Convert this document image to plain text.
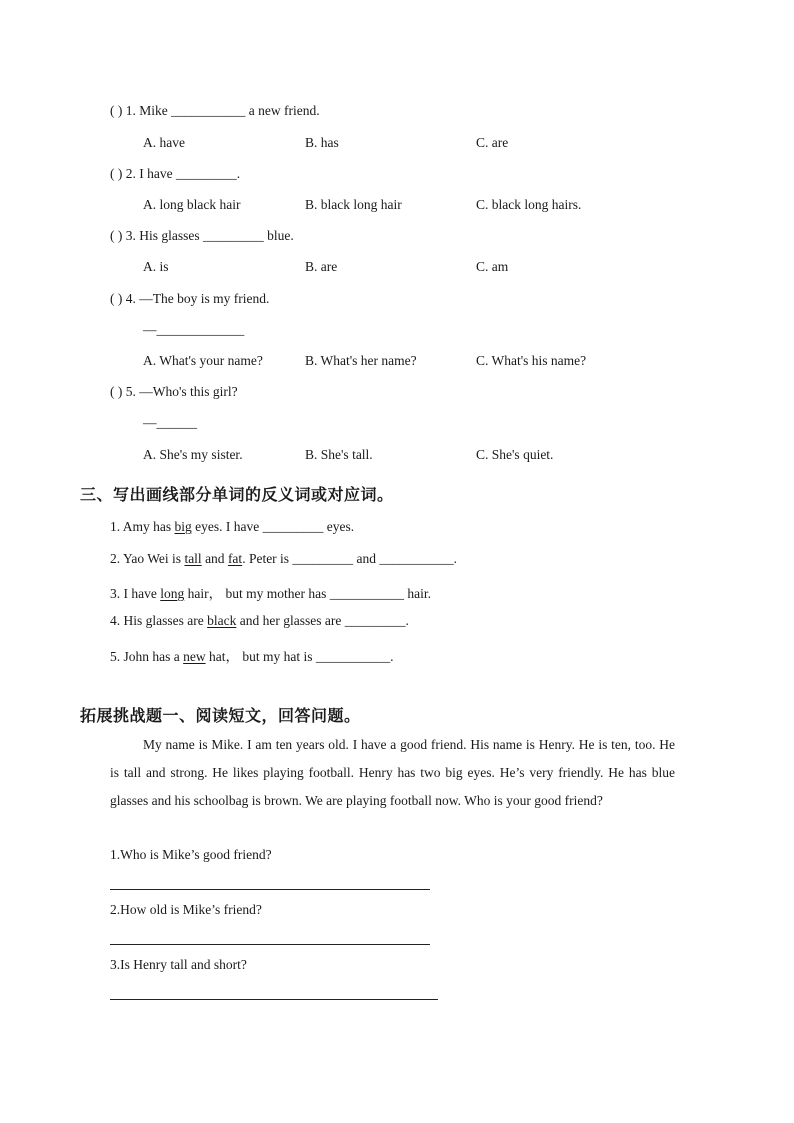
( ) 1. Mike ___________ a new friend.
A. have	B. has	C. are
( ) 2. I have _________.
A. long black hair	B. black long hair	C. black long hairs.
( ) 3. His glasses _________ blue.
A. is	B. are	C. am
( ) 4. —The boy is my friend.
—_____________
A. What's your name?	B. What's her name?	C. What's his name?
( ) 5. —Who's this girl?
—______
A. She's my sister.	B. She's tall.	C. She's quiet.
三、写出画线部分单词的反义词或对应词。
1. Amy has big eyes. I have _________ eyes.
2. Yao Wei is tall and fat. Peter is _________ and ___________.
3. I have long hair， but my mother has ___________ hair.
4. His glasses are black and her glasses are _________.
5. John has a new hat， but my hat is ___________.
拓展挑战题一、阅读短文，回答问题。
My name is Mike. I am ten years old. I have a good friend. His name is Henry. He is ten, too. He is tall and strong. He likes playing football. Henry has two big eyes. He’s very friendly. He has blue glasses and his schoolbag is brown. We are playing football now. Who is your good friend?
1.Who is Mike’s good friend?
2.How old is Mike’s friend?
3.Is Henry tall and short?
